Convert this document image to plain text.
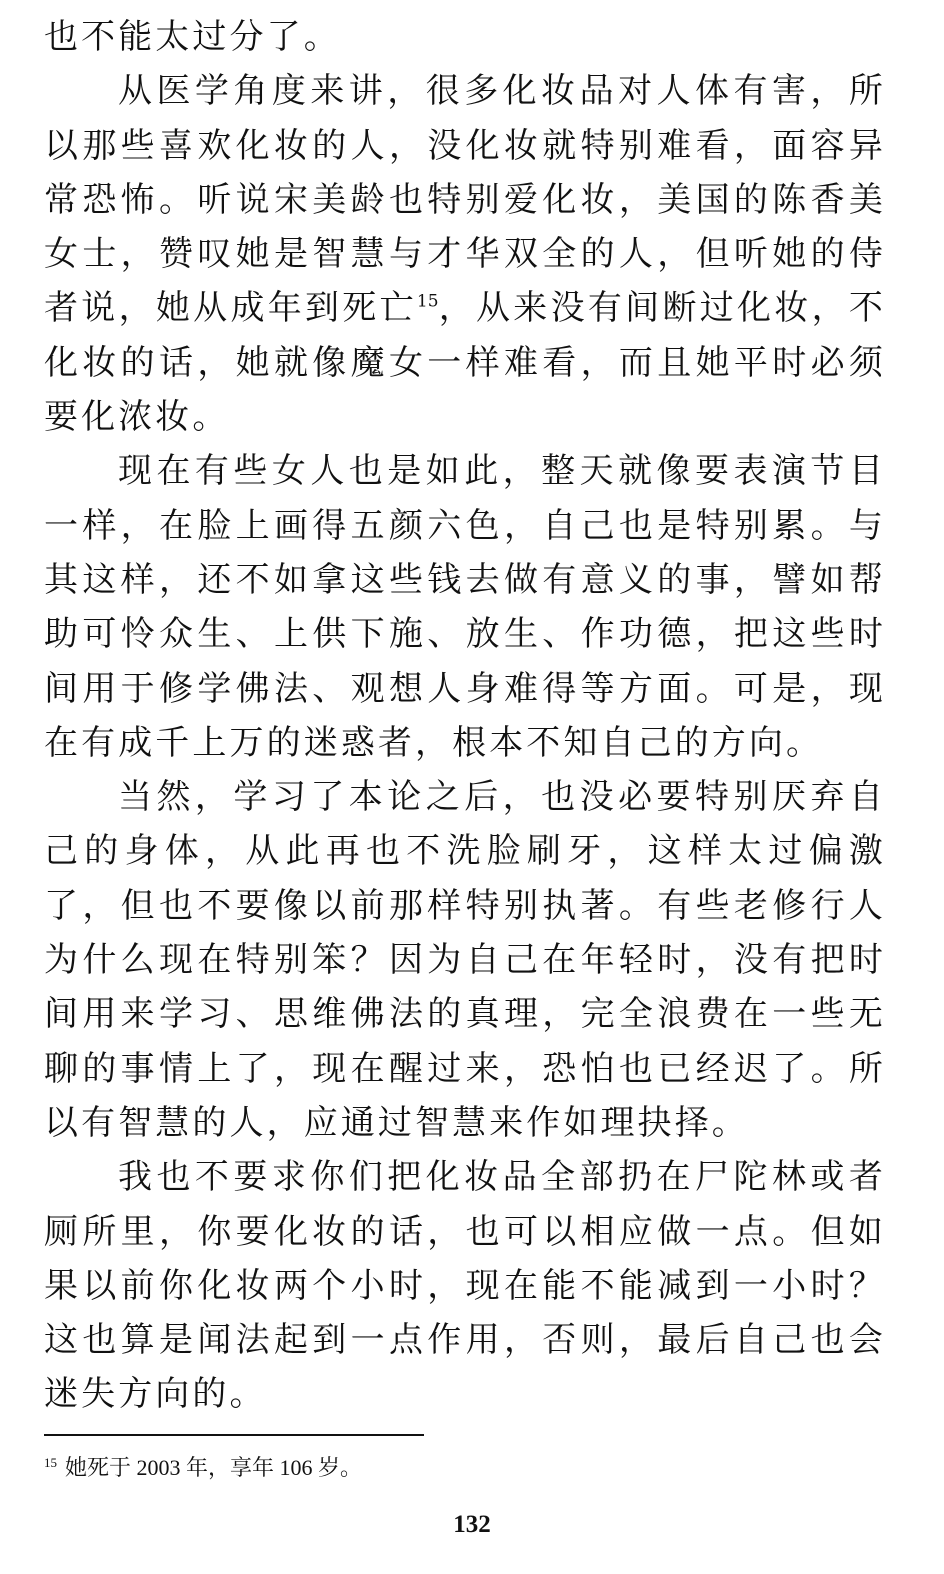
也不能太过分了。

从医学角度来讲，很多化妆品对人体有害，所以那些喜欢化妆的人，没化妆就特别难看，面容异常恐怖。听说宋美龄也特别爱化妆，美国的陈香美女士，赞叹她是智慧与才华双全的人，但听她的侍者说，她从成年到死亡$^{15}$，从来没有间断过化妆，不化妆的话，她就像魔女一样难看，而且她平时必须要化浓妆。

现在有些女人也是如此，整天就像要表演节目一样，在脸上画得五颜六色，自己也是特别累。与其这样，还不如拿这些钱去做有意义的事，譬如帮助可怜众生、上供下施、放生、作功德，把这些时间用于修学佛法、观想人身难得等方面。可是，现在有成千上万的迷惑者，根本不知自己的方向。

当然，学习了本论之后，也没必要特别厌弃自己的身体，从此再也不洗脸刷牙，这样太过偏激了，但也不要像以前那样特别执著。有些老修行人为什么现在特别笨？因为自己在年轻时，没有把时间用来学习、思维佛法的真理，完全浪费在一些无聊的事情上了，现在醒过来，恐怕也已经迟了。所以有智慧的人，应通过智慧来作如理抉择。

我也不要求你们把化妆品全部扔在尸陀林或者厕所里，你要化妆的话，也可以相应做一点。但如果以前你化妆两个小时，现在能不能减到一小时？这也算是闻法起到一点作用，否则，最后自己也会迷失方向的。

$^{15}$ 她死于 2003 年，享年 106 岁。
132
